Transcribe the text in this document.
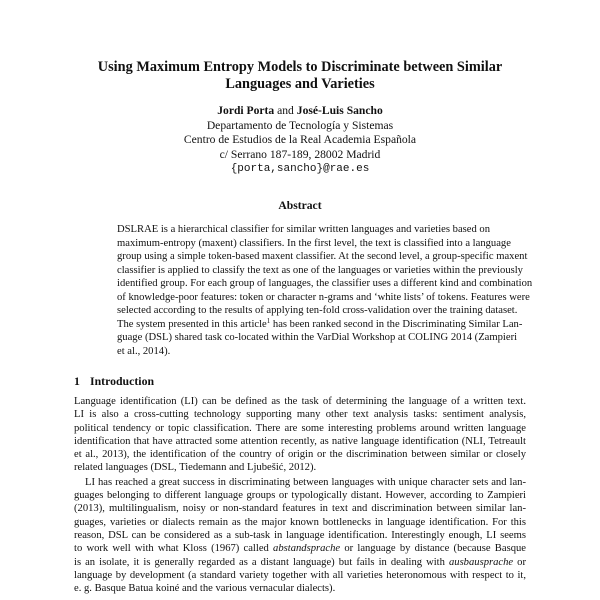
Using Maximum Entropy Models to Discriminate between Similar
Languages and Varieties
Jordi Porta and José-Luis Sancho
Departamento de Tecnología y Sistemas
Centro de Estudios de la Real Academia Española
c/ Serrano 187-189, 28002 Madrid
{porta,sancho}@rae.es
Abstract
DSLRAE is a hierarchical classifier for similar written languages and varieties based on
maximum-entropy (maxent) classifiers. In the first level, the text is classified into a language
group using a simple token-based maxent classifier. At the second level, a group-specific maxent
classifier is applied to classify the text as one of the languages or varieties within the previously
identified group. For each group of languages, the classifier uses a different kind and combination
of knowledge-poor features: token or character n-grams and ‘white lists’ of tokens. Features were
selected according to the results of applying ten-fold cross-validation over the training dataset.
The system presented in this article$^1$ has been ranked second in the Discriminating Similar Lan-
guage (DSL) shared task co-located within the VarDial Workshop at COLING 2014 (Zampieri
et al., 2014).
1 Introduction
Language identification (LI) can be defined as the task of determining the language of a written text.
LI is also a cross-cutting technology supporting many other text analysis tasks: sentiment analysis,
political tendency or topic classification. There are some interesting problems around written language
identification that have attracted some attention recently, as native language identification (NLI, Tetreault
et al., 2013), the identification of the country of origin or the discrimination between similar or closely
related languages (DSL, Tiedemann and Ljubešić, 2012).
LI has reached a great success in discriminating between languages with unique character sets and lan-
guages belonging to different language groups or typologically distant. However, according to Zampieri
(2013), multilingualism, noisy or non-standard features in text and discrimination between similar lan-
guages, varieties or dialects remain as the major known bottlenecks in language identification. For this
reason, DSL can be considered as a sub-task in language identification. Interestingly enough, LI seems
to work well with what Kloss (1967) called abstandsprache or language by distance (because Basque
is an isolate, it is generally regarded as a distant language) but fails in dealing with ausbausprache or
language by development (a standard variety together with all varieties heteronomous with respect to it,
e. g. Basque Batua koiné and the various vernacular dialects).
